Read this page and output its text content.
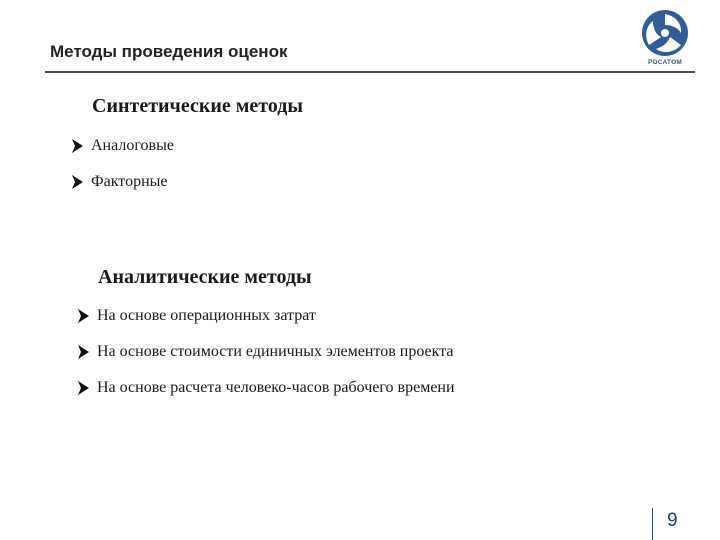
Методы проведения оценок
РОСАТОМ
Синтетические методы
Аналоговые
Факторные
Аналитические методы
На основе операционных затрат
На основе стоимости единичных элементов проекта
На основе расчета человеко-часов рабочего времени
9
